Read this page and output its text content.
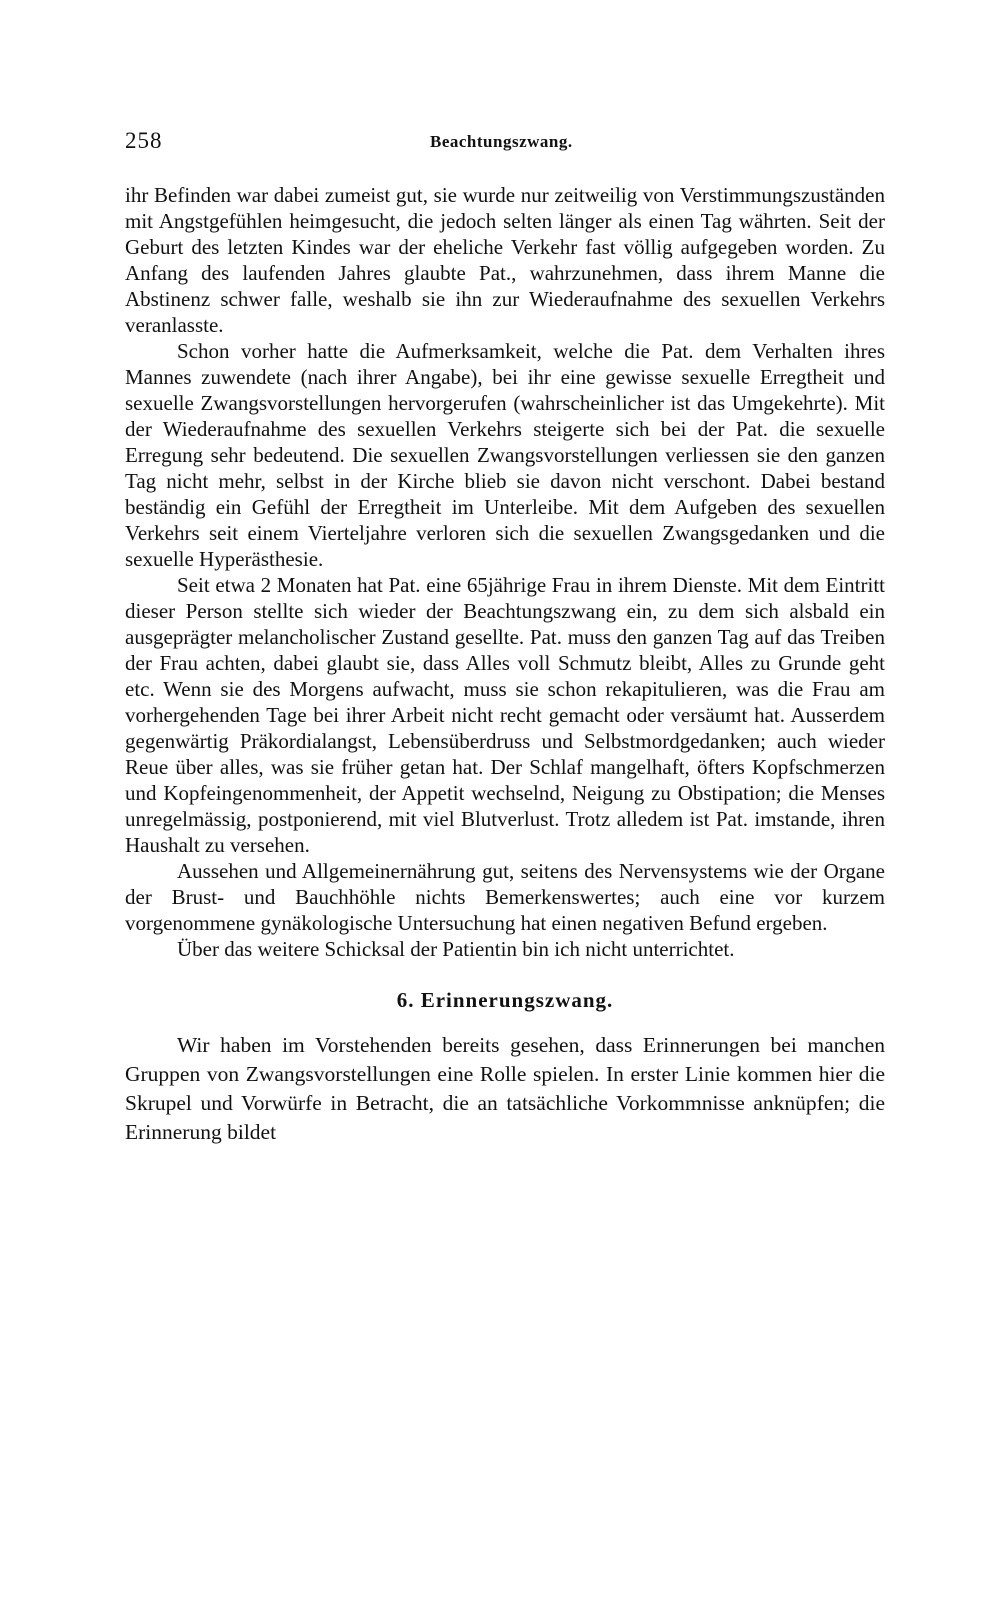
258	Beachtungszwang.

ihr Befinden war dabei zumeist gut, sie wurde nur zeitweilig von Verstimmungszuständen mit Angstgefühlen heimgesucht, die jedoch selten länger als einen Tag währten. Seit der Geburt des letzten Kindes war der eheliche Verkehr fast völlig aufgegeben worden. Zu Anfang des laufenden Jahres glaubte Pat., wahrzunehmen, dass ihrem Manne die Abstinenz schwer falle, weshalb sie ihn zur Wiederaufnahme des sexuellen Verkehrs veranlasste.

Schon vorher hatte die Aufmerksamkeit, welche die Pat. dem Verhalten ihres Mannes zuwendete (nach ihrer Angabe), bei ihr eine gewisse sexuelle Erregtheit und sexuelle Zwangsvorstellungen hervorgerufen (wahrscheinlicher ist das Umgekehrte). Mit der Wiederaufnahme des sexuellen Verkehrs steigerte sich bei der Pat. die sexuelle Erregung sehr bedeutend. Die sexuellen Zwangsvorstellungen verliessen sie den ganzen Tag nicht mehr, selbst in der Kirche blieb sie davon nicht verschont. Dabei bestand beständig ein Gefühl der Erregtheit im Unterleibe. Mit dem Aufgeben des sexuellen Verkehrs seit einem Vierteljahre verloren sich die sexuellen Zwangsgedanken und die sexuelle Hyperästhesie.

Seit etwa 2 Monaten hat Pat. eine 65jährige Frau in ihrem Dienste. Mit dem Eintritt dieser Person stellte sich wieder der Beachtungszwang ein, zu dem sich alsbald ein ausgeprägter melancholischer Zustand gesellte. Pat. muss den ganzen Tag auf das Treiben der Frau achten, dabei glaubt sie, dass Alles voll Schmutz bleibt, Alles zu Grunde geht etc. Wenn sie des Morgens aufwacht, muss sie schon rekapitulieren, was die Frau am vorhergehenden Tage bei ihrer Arbeit nicht recht gemacht oder versäumt hat. Ausserdem gegenwärtig Präkordialangst, Lebensüberdruss und Selbstmordgedanken; auch wieder Reue über alles, was sie früher getan hat. Der Schlaf mangelhaft, öfters Kopfschmerzen und Kopfeingenommenheit, der Appetit wechselnd, Neigung zu Obstipation; die Menses unregelmässig, postponierend, mit viel Blutverlust. Trotz alledem ist Pat. imstande, ihren Haushalt zu versehen.

Aussehen und Allgemeinernährung gut, seitens des Nervensystems wie der Organe der Brust- und Bauchhöhle nichts Bemerkenswertes; auch eine vor kurzem vorgenommene gynäkologische Untersuchung hat einen negativen Befund ergeben.

Über das weitere Schicksal der Patientin bin ich nicht unterrichtet.

6. Erinnerungszwang.

Wir haben im Vorstehenden bereits gesehen, dass Erinnerungen bei manchen Gruppen von Zwangsvorstellungen eine Rolle spielen. In erster Linie kommen hier die Skrupel und Vorwürfe in Betracht, die an tatsächliche Vorkommnisse anknüpfen; die Erinnerung bildet
